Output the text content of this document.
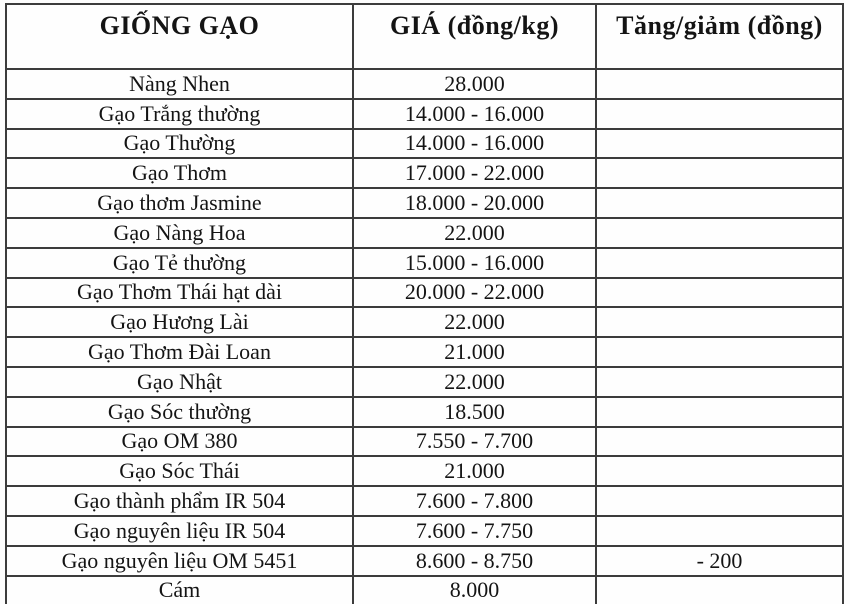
GIỐNG GẠO	GIÁ (đồng/kg)	Tăng/giảm (đồng)
Nàng Nhen	28.000	
Gạo Trắng thường	14.000 - 16.000	
Gạo Thường	14.000 - 16.000	
Gạo Thơm	17.000 - 22.000	
Gạo thơm Jasmine	18.000 - 20.000	
Gạo Nàng Hoa	22.000	
Gạo Tẻ thường	15.000 - 16.000	
Gạo Thơm Thái hạt dài	20.000 - 22.000	
Gạo Hương Lài	22.000	
Gạo Thơm Đài Loan	21.000	
Gạo Nhật	22.000	
Gạo Sóc thường	18.500	
Gạo OM 380	7.550 - 7.700	
Gạo Sóc Thái	21.000	
Gạo thành phẩm IR 504	7.600 - 7.800	
Gạo nguyên liệu IR 504	7.600 - 7.750	
Gạo nguyên liệu OM 5451	8.600 - 8.750	- 200
Cám	8.000	
